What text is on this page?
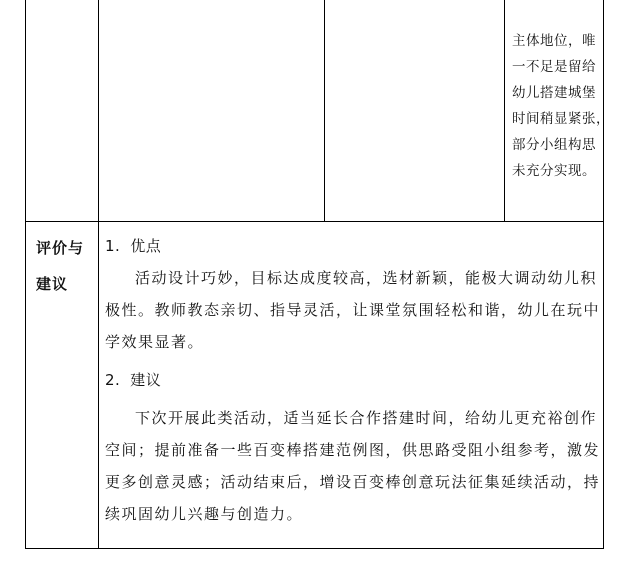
主体地位，唯
一不足是留给
幼儿搭建城堡
时间稍显紧张，
部分小组构思
未充分实现。
评价与
建议
1. 优点
活动设计巧妙，目标达成度较高，选材新颖，能极大调动幼儿积
极性。教师教态亲切、指导灵活，让课堂氛围轻松和谐，幼儿在玩中
学效果显著。
2. 建议
下次开展此类活动，适当延长合作搭建时间，给幼儿更充裕创作
空间；提前准备一些百变棒搭建范例图，供思路受阻小组参考，激发
更多创意灵感；活动结束后，增设百变棒创意玩法征集延续活动，持
续巩固幼儿兴趣与创造力。
